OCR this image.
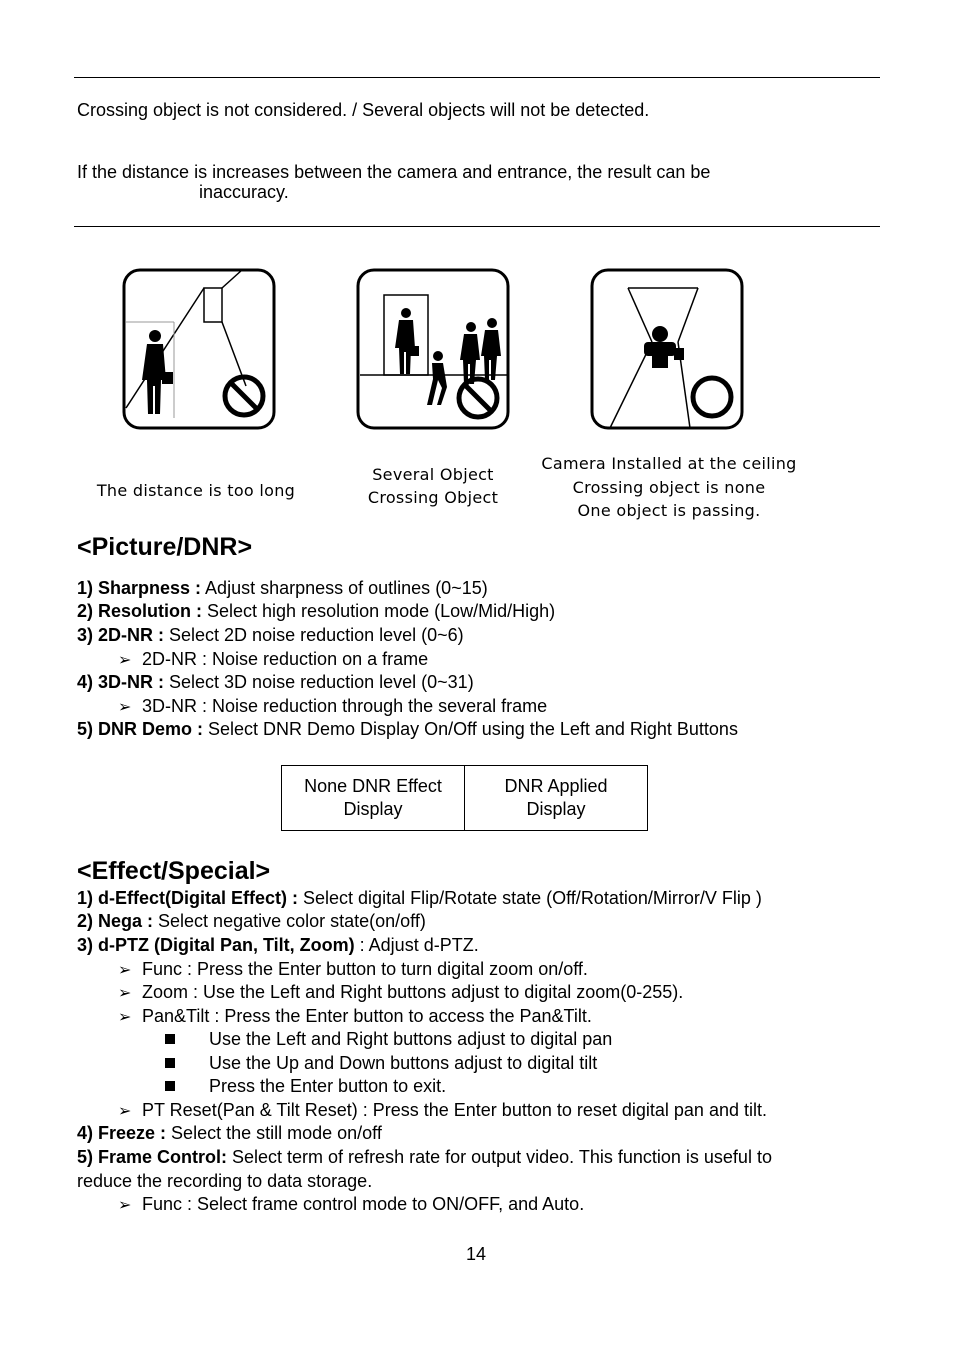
Crossing object is not considered. / Several objects will not be detected.
If the distance is increases between the camera and entrance, the result can be
inaccuracy.
The distance is too long
Several Object
Crossing Object
Camera Installed at the ceiling
Crossing object is none
One object is passing.
<Picture/DNR>
1) Sharpness : Adjust sharpness of outlines (0~15)
2) Resolution : Select high resolution mode (Low/Mid/High)
3) 2D-NR : Select 2D noise reduction level (0~6)
➢ 2D-NR : Noise reduction on a frame
4) 3D-NR : Select 3D noise reduction level (0~31)
➢ 3D-NR : Noise reduction through the several frame
5) DNR Demo : Select DNR Demo Display On/Off using the Left and Right Buttons
None DNR Effect
Display	DNR Applied
Display
<Effect/Special>
1) d-Effect(Digital Effect) : Select digital Flip/Rotate state (Off/Rotation/Mirror/V Flip )
2) Nega : Select negative color state(on/off)
3) d-PTZ (Digital Pan, Tilt, Zoom) : Adjust d-PTZ.
➢ Func : Press the Enter button to turn digital zoom on/off.
➢ Zoom : Use the Left and Right buttons adjust to digital zoom(0-255).
➢ Pan&Tilt : Press the Enter button to access the Pan&Tilt.
Use the Left and Right buttons adjust to digital pan
Use the Up and Down buttons adjust to digital tilt
Press the Enter button to exit.
➢ PT Reset(Pan & Tilt Reset) : Press the Enter button to reset digital pan and tilt.
4) Freeze : Select the still mode on/off
5) Frame Control: Select term of refresh rate for output video. This function is useful to
reduce the recording to data storage.
➢ Func : Select frame control mode to ON/OFF, and Auto.
14
